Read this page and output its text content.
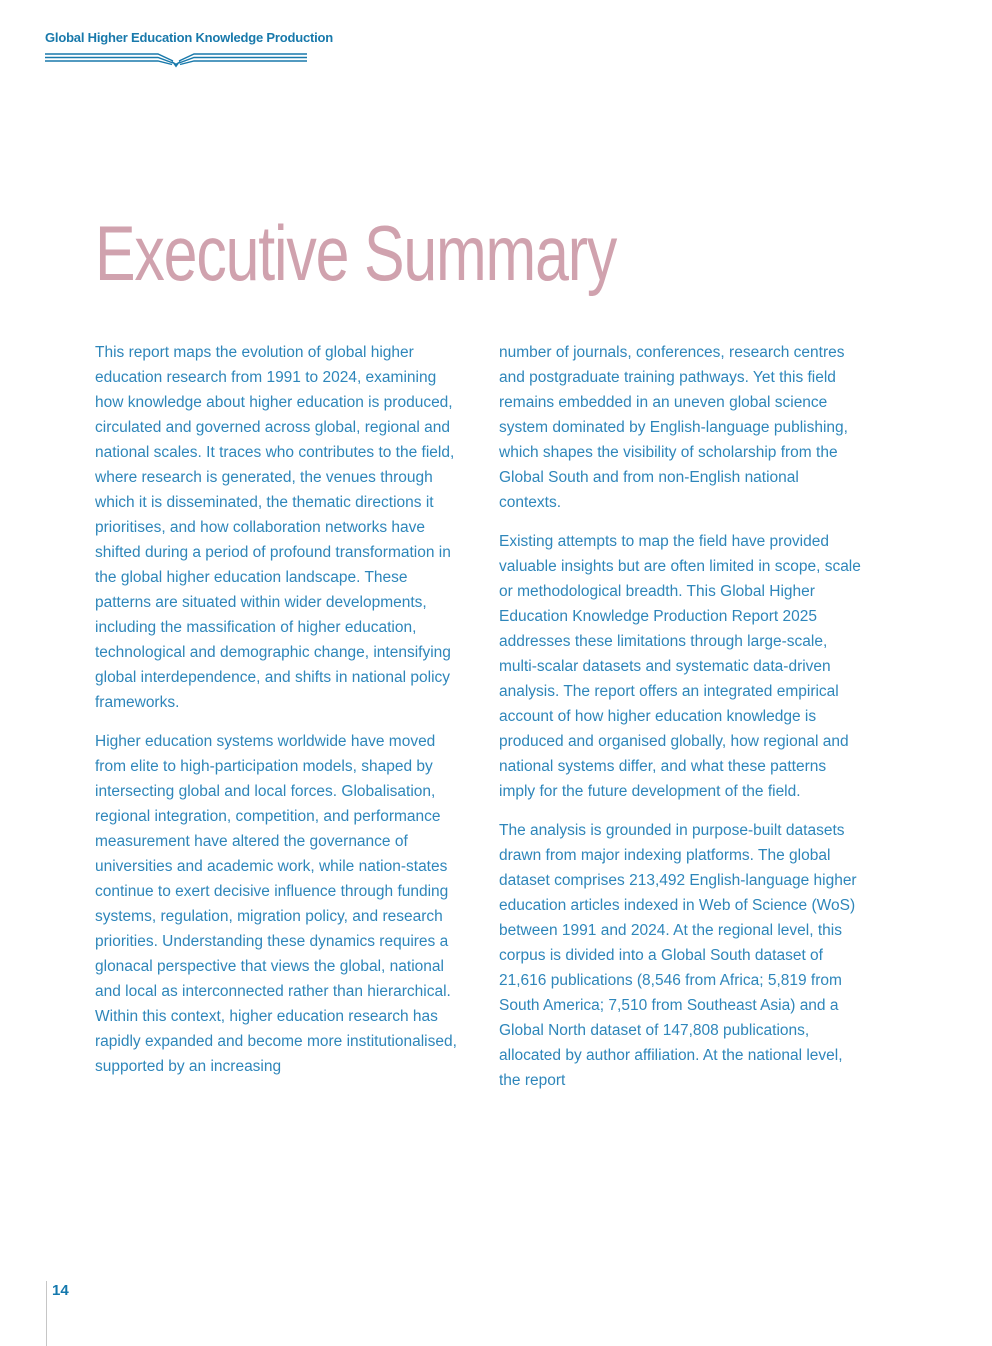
Global Higher Education Knowledge Production
Executive Summary

This report maps the evolution of global higher education research from 1991 to 2024, examining how knowledge about higher education is produced, circulated and governed across global, regional and national scales. It traces who contributes to the field, where research is generated, the venues through which it is disseminated, the thematic directions it prioritises, and how collaboration networks have shifted during a period of profound transformation in the global higher education landscape. These patterns are situated within wider developments, including the massification of higher education, technological and demographic change, intensifying global interdependence, and shifts in national policy frameworks.

Higher education systems worldwide have moved from elite to high-participation models, shaped by intersecting global and local forces. Globalisation, regional integration, competition, and performance measurement have altered the governance of universities and academic work, while nation-states continue to exert decisive influence through funding systems, regulation, migration policy, and research priorities. Understanding these dynamics requires a glonacal perspective that views the global, national and local as interconnected rather than hierarchical. Within this context, higher education research has rapidly expanded and become more institutionalised, supported by an increasing

number of journals, conferences, research centres and postgraduate training pathways. Yet this field remains embedded in an uneven global science system dominated by English-language publishing, which shapes the visibility of scholarship from the Global South and from non-English national contexts.

Existing attempts to map the field have provided valuable insights but are often limited in scope, scale or methodological breadth. This Global Higher Education Knowledge Production Report 2025 addresses these limitations through large-scale, multi-scalar datasets and systematic data-driven analysis. The report offers an integrated empirical account of how higher education knowledge is produced and organised globally, how regional and national systems differ, and what these patterns imply for the future development of the field.

The analysis is grounded in purpose-built datasets drawn from major indexing platforms. The global dataset comprises 213,492 English-language higher education articles indexed in Web of Science (WoS) between 1991 and 2024. At the regional level, this corpus is divided into a Global South dataset of 21,616 publications (8,546 from Africa; 5,819 from South America; 7,510 from Southeast Asia) and a Global North dataset of 147,808 publications, allocated by author affiliation. At the national level, the report

14
